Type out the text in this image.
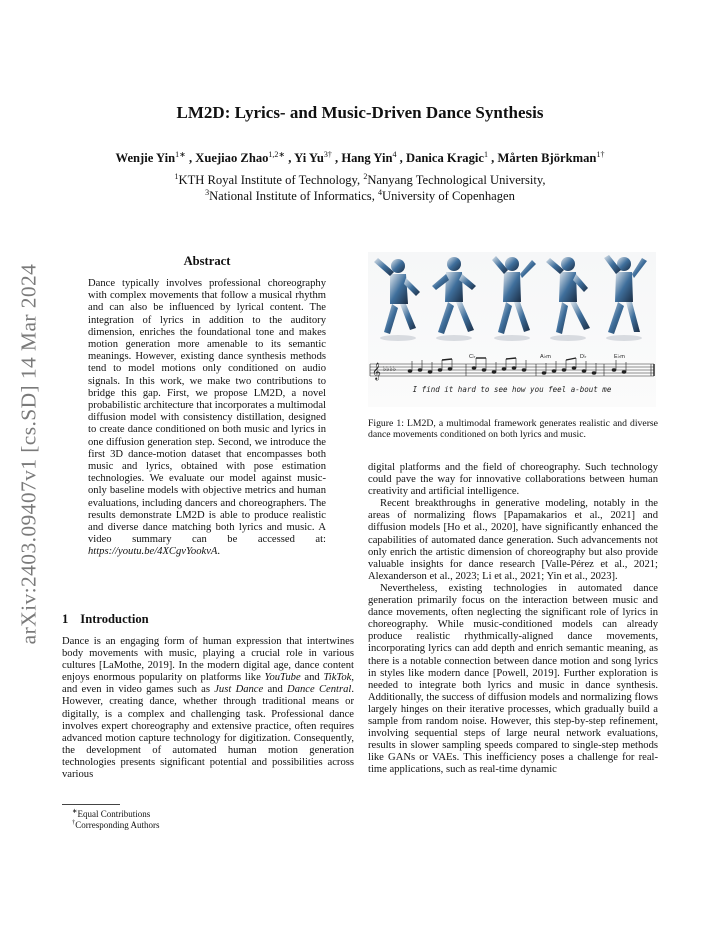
arXiv:2403.09407v1 [cs.SD] 14 Mar 2024
LM2D: Lyrics- and Music-Driven Dance Synthesis
Wenjie Yin$^{1∗}$ , Xuejiao Zhao$^{1,2∗}$ , Yi $Yu^{3\dagger}$ , Hang Yin$^4$ , Danica Kragic$^1$ , Mårten Björkman$^{1\dagger}$
$^1$KTH Royal Institute of Technology, $^2$Nanyang Technological University,
$^3$National Institute of Informatics, $^4$University of Copenhagen
Abstract
Dance typically involves professional choreography with complex movements that follow a musical rhythm and can also be influenced by lyrical content. The integration of lyrics in addition to the auditory dimension, enriches the foundational tone and makes motion generation more amenable to its semantic meanings. However, existing dance synthesis methods tend to model motions only conditioned on audio signals. In this work, we make two contributions to bridge this gap. First, we propose LM2D, a novel probabilistic architecture that incorporates a multimodal diffusion model with consistency distillation, designed to create dance conditioned on both music and lyrics in one diffusion generation step. Second, we introduce the first 3D dance-motion dataset that encompasses both music and lyrics, obtained with pose estimation technologies. We evaluate our model against music-only baseline models with objective metrics and human evaluations, including dancers and choreographers. The results demonstrate LM2D is able to produce realistic and diverse dance matching both lyrics and music. A video summary can be accessed at: https://youtu.be/4XCgvYookvA.
1 Introduction
Dance is an engaging form of human expression that intertwines body movements with music, playing a crucial role in various cultures [LaMothe, 2019]. In the modern digital age, dance content enjoys enormous popularity on platforms like YouTube and TikTok, and even in video games such as Just Dance and Dance Central. However, creating dance, whether through traditional means or digitally, is a complex and challenging task. Professional dance involves expert choreography and extensive practice, often requires advanced motion capture technology for digitization. Consequently, the development of automated human motion generation technologies presents significant potential and possibilities across various
∗Equal Contributions
†Corresponding Authors
𝄞 ♭♭♭♭
C♭	A♭m	D♭	E♭m
I find it hard to see how you feel a-bout me
Figure 1: LM2D, a multimodal framework generates realistic and diverse dance movements conditioned on both lyrics and music.

digital platforms and the field of choreography. Such technology could pave the way for innovative collaborations between human creativity and artificial intelligence.

Recent breakthroughs in generative modeling, notably in the areas of normalizing flows [Papamakarios et al., 2021] and diffusion models [Ho et al., 2020], have significantly enhanced the capabilities of automated dance generation. Such advancements not only enrich the artistic dimension of choreography but also provide valuable insights for dance research [Valle-Pérez et al., 2021; Alexanderson et al., 2023; Li et al., 2021; Yin et al., 2023].

Nevertheless, existing technologies in automated dance generation primarily focus on the interaction between music and dance movements, often neglecting the significant role of lyrics in choreography. While music-conditioned models can already produce realistic rhythmically-aligned dance movements, incorporating lyrics can add depth and enrich semantic meaning, as there is a notable connection between dance motion and song lyrics in styles like modern dance [Powell, 2019]. Further exploration is needed to integrate both lyrics and music in dance synthesis. Additionally, the success of diffusion models and normalizing flows largely hinges on their iterative processes, which gradually build a sample from random noise. However, this step-by-step refinement, involving sequential steps of large neural network evaluations, results in slower sampling speeds compared to single-step methods like GANs or VAEs. This inefficiency poses a challenge for real-time applications, such as real-time dynamic
